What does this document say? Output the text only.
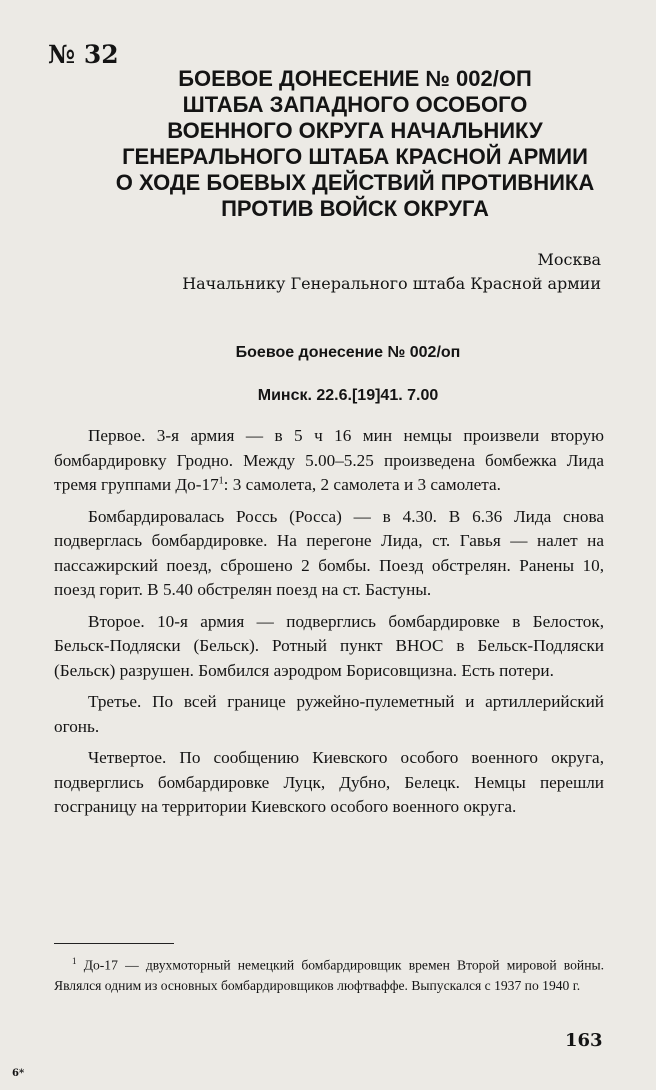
№ 32
БОЕВОЕ ДОНЕСЕНИЕ № 002/ОП
ШТАБА ЗАПАДНОГО ОСОБОГО
ВОЕННОГО ОКРУГА НАЧАЛЬНИКУ
ГЕНЕРАЛЬНОГО ШТАБА КРАСНОЙ АРМИИ
О ХОДЕ БОЕВЫХ ДЕЙСТВИЙ ПРОТИВНИКА
ПРОТИВ ВОЙСК ОКРУГА
Москва
Начальнику Генерального штаба Красной армии
Боевое донесение № 002/оп
Минск. 22.6.[19]41. 7.00

Первое. 3-я армия — в 5 ч 16 мин немцы произвели вторую бомбардировку Гродно. Между 5.00–5.25 произведена бомбежка Лида тремя группами $До-17^1$: 3 самолета, 2 самолета и 3 самолета.

Бомбардировалась Россь (Росса) — в 4.30. В 6.36 Лида снова подверглась бомбардировке. На перегоне Лида, ст. Гавья — налет на пассажирский поезд, сброшено 2 бомбы. Поезд обстрелян. Ранены 10, поезд горит. В 5.40 обстрелян поезд на ст. Бастуны.

Второе. 10-я армия — подверглись бомбардировке в Белосток, Бельск-Подляски (Бельск). Ротный пункт ВНОС в Бельск-Подляски (Бельск) разрушен. Бомбился аэродром Борисовщизна. Есть потери.

Третье. По всей границе ружейно-пулеметный и артиллерийский огонь.

Четвертое. По сообщению Киевского особого военного округа, подверглись бомбардировке Луцк, Дубно, Белецк. Немцы перешли госграницу на территории Киевского особого военного округа.

$^1$ До-17 — двухмоторный немецкий бомбардировщик времен Второй мировой войны. Являлся одним из основных бомбардировщиков люфтваффе. Выпускался с 1937 по 1940 г.
163
6*
